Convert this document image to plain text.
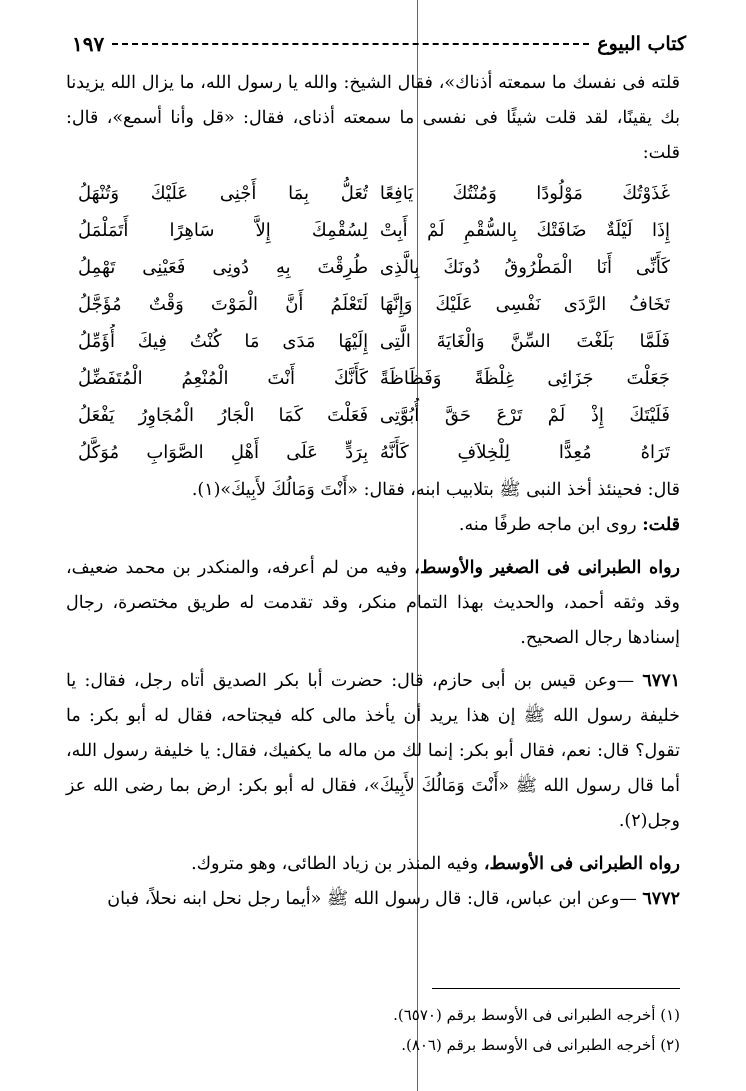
كتاب البيوع
١٩٧

قلته فى نفسك ما سمعته أذناك»، فقال الشيخ: والله يا رسول الله، ما يزال الله يزيدنا بك يقينًا، لقد قلت شيئًا فى نفسى ما سمعته أذناى، فقال: «قل وأنا أسمع»، قال: قلت:

غَذَوْتُكَ مَوْلُودًا وَمُنْتُكَ يَافِعًا
تُعَلُّ بِمَا أَجْنِى عَلَيْكَ وَتُنْهَلُ
إِذَا لَيْلَةٌ ضَافَتْكَ بِالسُّقْمِ لَمْ أَبِتْ
لِسُقْمِكَ إِلاَّ سَاهِرًا أَتَمَلْمَلُ
كَأَنِّى أَنَا الْمَطْرُوقُ دُونَكَ بِالَّذِى
طُرِقْتَ بِهِ دُونِى فَعَيْنِى تَهْمِلُ
تَخَافُ الرَّدَى نَفْسِى عَلَيْكَ وَإِنَّهَا
لَتَعْلَمُ أَنَّ الْمَوْتَ وَقْتٌ مُؤَجَّلُ
فَلَمَّا بَلَغْتَ السِّنَّ وَالْغَايَةَ الَّتِى
إِلَيْهَا مَدَى مَا كُنْتُ فِيكَ أُؤَمِّلُ
جَعَلْتَ جَزَائِى غِلْظَةً وَفَظَاظَةً
كَأَنَّكَ أَنْتَ الْمُنْعِمُ الْمُتَفَضِّلُ
فَلَيْتَكَ إِذْ لَمْ تَرْعَ حَقَّ أُبُوَّتِى
فَعَلْتَ كَمَا الْجَارُ الْمُجَاوِرُ يَفْعَلُ
تَرَاهُ مُعِدًّا لِلْخِلاَفِ كَأَنَّهُ
بِرَدٍّ عَلَى أَهْلِ الصَّوَابِ مُوَكَّلُ

قال: فحينئذ أخذ النبى ﷺ بتلابيب ابنه، فقال: «أَنْتَ وَمَالُكَ لأَبِيكَ»(١).

قلت: روى ابن ماجه طرفًا منه.

رواه الطبرانى فى الصغير والأوسط، وفيه من لم أعرفه، والمنكدر بن محمد ضعيف، وقد وثقه أحمد، والحديث بهذا التمام منكر، وقد تقدمت له طريق مختصرة، رجال إسنادها رجال الصحيح.

٦٧٧١ —وعن قيس بن أبى حازم، قال: حضرت أبا بكر الصديق أتاه رجل، فقال: يا خليفة رسول الله ﷺ إن هذا يريد أن يأخذ مالى كله فيجتاحه، فقال له أبو بكر: ما تقول؟ قال: نعم، فقال أبو بكر: إنما لك من ماله ما يكفيك، فقال: يا خليفة رسول الله، أما قال رسول الله ﷺ «أَنْتَ وَمَالُكَ لأَبِيكَ»، فقال له أبو بكر: ارض بما رضى الله عز وجل(٢).

رواه الطبرانى فى الأوسط، وفيه المنذر بن زياد الطائى، وهو متروك.

٦٧٧٢ —وعن ابن عباس، قال: قال رسول الله ﷺ «أيما رجل نحل ابنه نحلاً، فبان

(١) أخرجه الطبرانى فى الأوسط برقم (٦٥٧٠).

(٢) أخرجه الطبرانى فى الأوسط برقم (٨٠٦).
